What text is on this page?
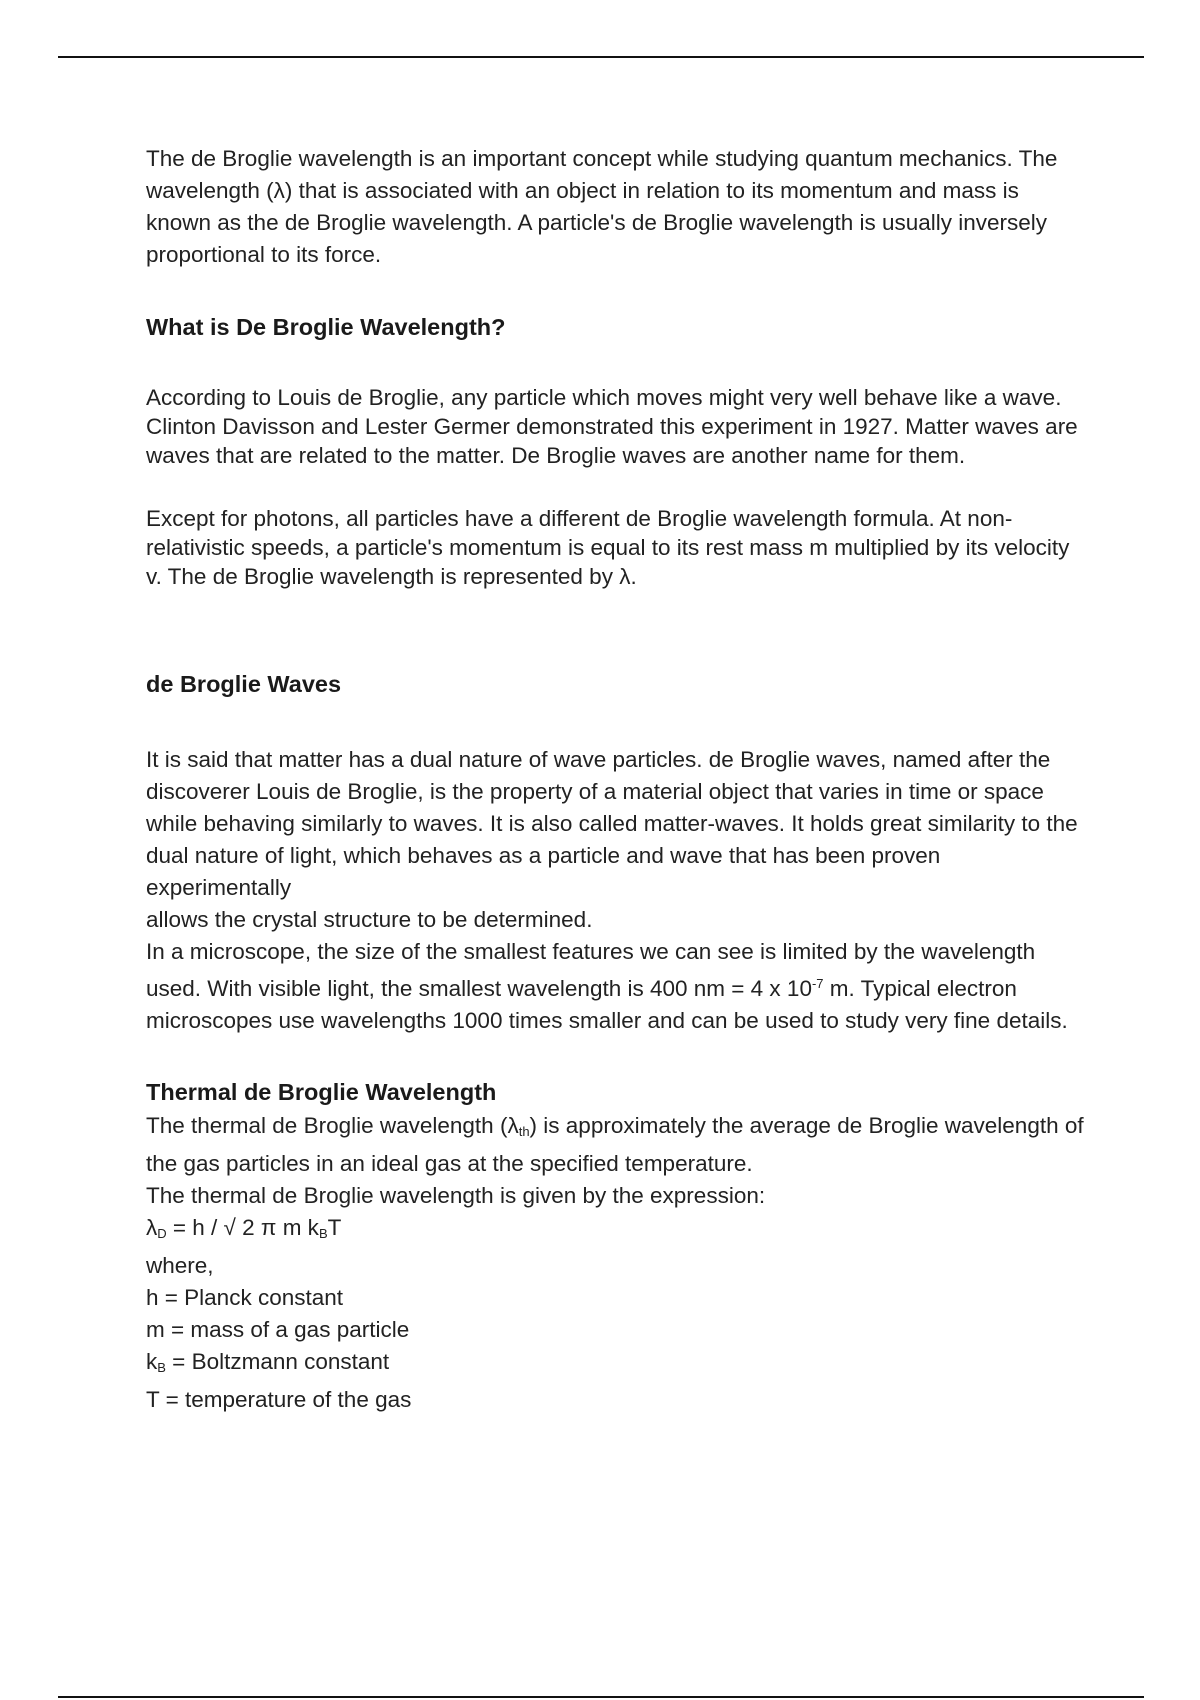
The de Broglie wavelength is an important concept while studying quantum mechanics. The wavelength (λ) that is associated with an object in relation to its momentum and mass is known as the de Broglie wavelength. A particle's de Broglie wavelength is usually inversely proportional to its force.

What is De Broglie Wavelength?

According to Louis de Broglie, any particle which moves might very well behave like a wave. Clinton Davisson and Lester Germer demonstrated this experiment in 1927. Matter waves are waves that are related to the matter. De Broglie waves are another name for them.

Except for photons, all particles have a different de Broglie wavelength formula. At non-relativistic speeds, a particle's momentum is equal to its rest mass m multiplied by its velocity v. The de Broglie wavelength is represented by λ.

de Broglie Waves

It is said that matter has a dual nature of wave particles. de Broglie waves, named after the discoverer Louis de Broglie, is the property of a material object that varies in time or space while behaving similarly to waves. It is also called matter-waves. It holds great similarity to the dual nature of light, which behaves as a particle and wave that has been proven experimentally

allows the crystal structure to be determined.

In a microscope, the size of the smallest features we can see is limited by the wavelength used. With visible light, the smallest wavelength is 400 nm = 4 x $10^{-7}$ m. Typical electron microscopes use wavelengths 1000 times smaller and can be used to study very fine details.

Thermal de Broglie Wavelength

The thermal de Broglie wavelength $(\lambda_{th})$ is approximately the average de Broglie wavelength of the gas particles in an ideal gas at the specified temperature.

The thermal de Broglie wavelength is given by the expression:
$\lambda_D = h$ / √ 2 π m $k_BT$
where,
h = Planck constant
m = mass of a gas particle
$k_B$ = Boltzmann constant
T = temperature of the gas
